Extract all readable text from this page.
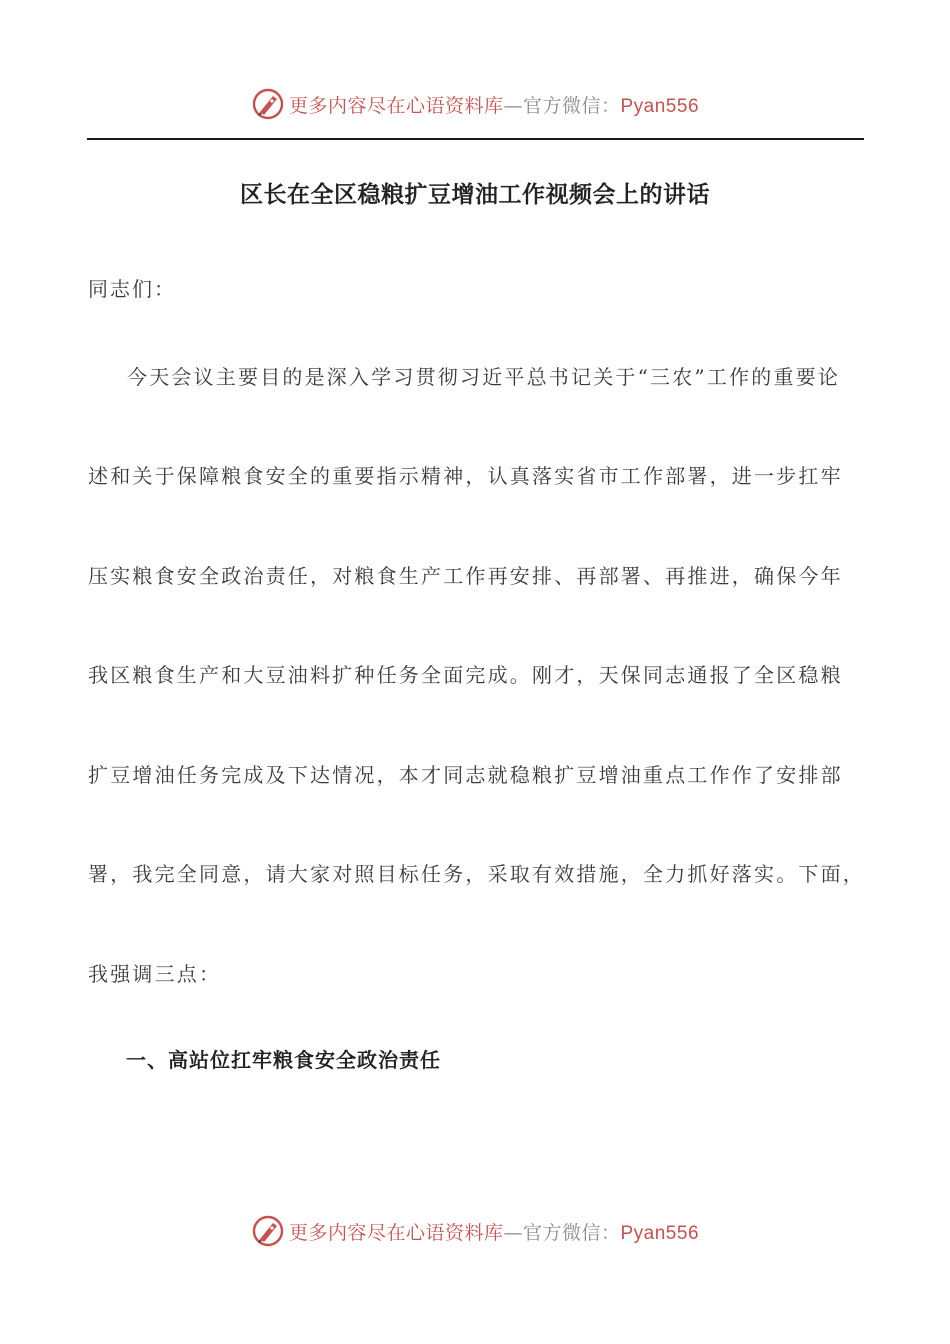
更多内容尽在心语资料库—官方微信：Pyan556
区长在全区稳粮扩豆增油工作视频会上的讲话
同志们：
今天会议主要目的是深入学习贯彻习近平总书记关于“三农”工作的重要论
述和关于保障粮食安全的重要指示精神，认真落实省市工作部署，进一步扛牢
压实粮食安全政治责任，对粮食生产工作再安排、再部署、再推进，确保今年
我区粮食生产和大豆油料扩种任务全面完成。刚才，天保同志通报了全区稳粮
扩豆增油任务完成及下达情况，本才同志就稳粮扩豆增油重点工作作了安排部
署，我完全同意，请大家对照目标任务，采取有效措施，全力抓好落实。下面，
我强调三点：
一、高站位扛牢粮食安全政治责任
更多内容尽在心语资料库—官方微信：Pyan556
